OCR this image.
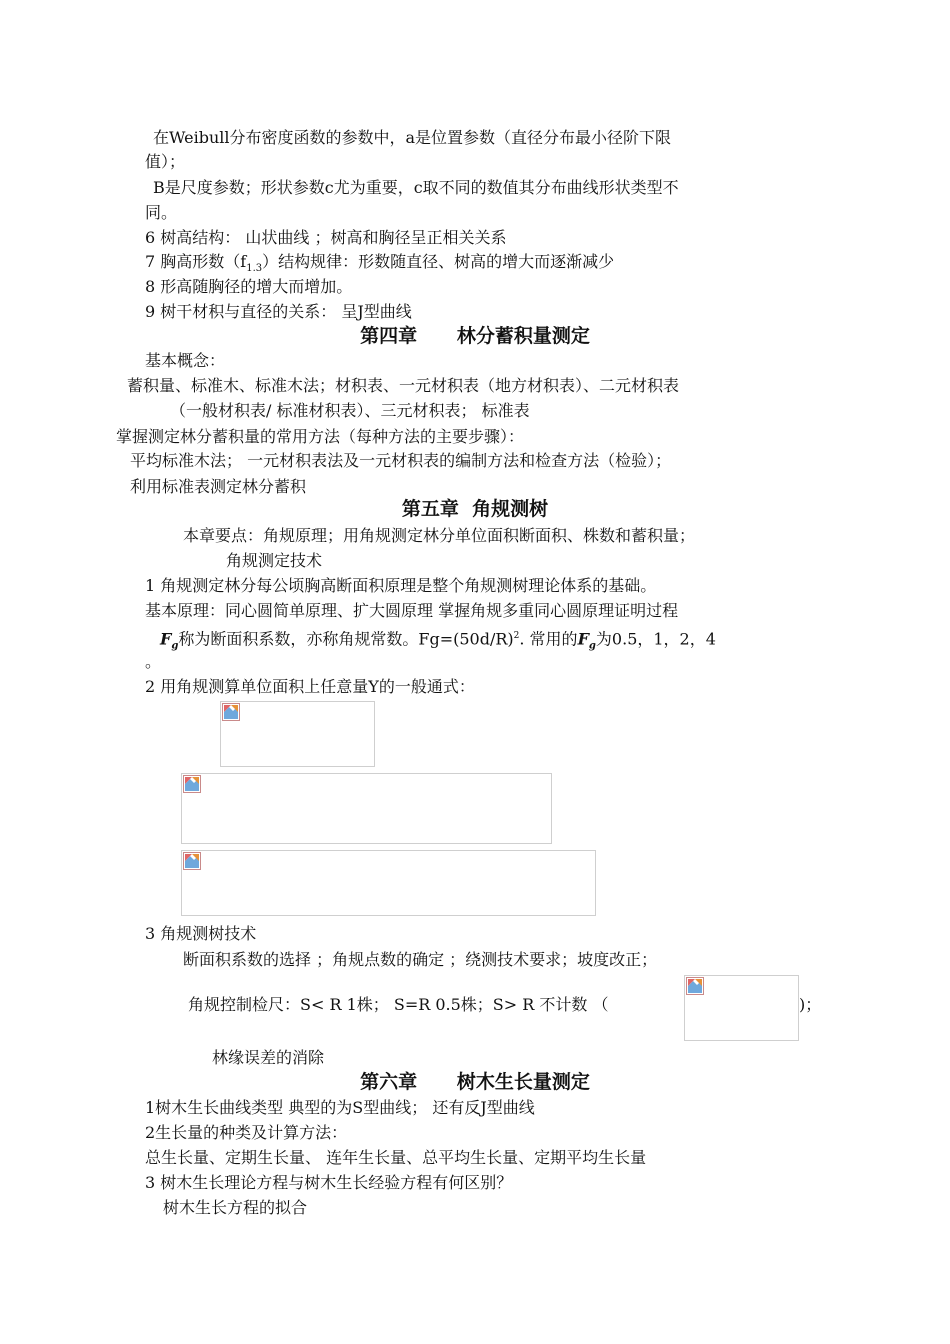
在Weibull分布密度函数的参数中，a是位置参数（直径分布最小径阶下限
值）；
B是尺度参数；形状参数c尤为重要，c取不同的数值其分布曲线形状类型不
同。
6 树高结构： 山状曲线 ；树高和胸径呈正相关关系
7 胸高形数$(f_{1.3})$结构规律：形数随直径、树高的增大而逐渐减少
8 形高随胸径的增大而增加。
9 树干材积与直径的关系： 呈J型曲线
第四章      林分蓄积量测定
基本概念：
蓄积量、标准木、标准木法；材积表、一元材积表（地方材积表）、二元材积表
（一般材积表/ 标准材积表）、三元材积表； 标准表
掌握测定林分蓄积量的常用方法（每种方法的主要步骤）：
平均标准木法； 一元材积表法及一元材积表的编制方法和检查方法（检验）；
利用标准表测定林分蓄积
第五章  角规测树
本章要点：角规原理；用角规测定林分单位面积断面积、株数和蓄积量；
角规测定技术
1 角规测定林分每公顷胸高断面积原理是整个角规测树理论体系的基础。
基本原理：同心圆简单原理、扩大圆原理 掌握角规多重同心圆原理证明过程
$F_g$称为断面积系数，亦称角规常数。$Fg=(50d/R)^2$. 常用的$F_g$为0.5，1，2，4
。
2 用角规测算单位面积上任意量Y的一般通式：
3 角规测树技术
断面积系数的选择 ；角规点数的确定 ；绕测技术要求；坡度改正；
角规控制检尺：S< R 1株； S=R 0.5株；S> R 不计数 （	)；
林缘误差的消除
第六章      树木生长量测定
1树木生长曲线类型 典型的为S型曲线； 还有反J型曲线
2生长量的种类及计算方法：
总生长量、定期生长量、 连年生长量、总平均生长量、定期平均生长量
3 树木生长理论方程与树木生长经验方程有何区别？
树木生长方程的拟合
